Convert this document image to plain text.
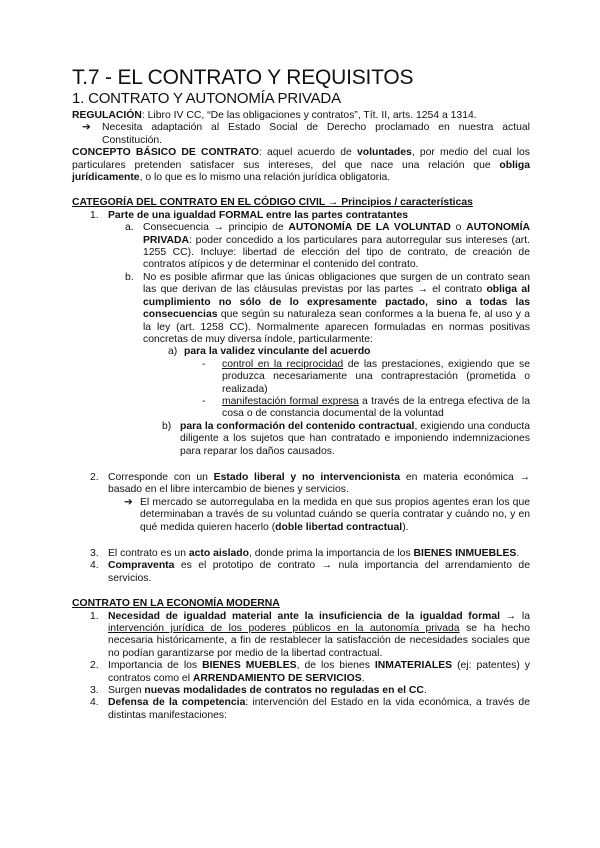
T.7 - EL CONTRATO Y REQUISITOS
1. CONTRATO Y AUTONOMÍA PRIVADA

REGULACIÓN: Libro IV CC, “De las obligaciones y contratos”, Tít. II, arts. 1254 a 1314.

➔	Necesita adaptación al Estado Social de Derecho proclamado en nuestra actual Constitución.

CONCEPTO BÁSICO DE CONTRATO: aquel acuerdo de voluntades, por medio del cual los particulares pretenden satisfacer sus intereses, del que nace una relación que obliga jurídicamente, o lo que es lo mismo una relación jurídica obligatoria.

CATEGORÍA DEL CONTRATO EN EL CÓDIGO CIVIL → Principios / características

1. Parte de una igualdad FORMAL entre las partes contratantes
a. Consecuencia → principio de AUTONOMÍA DE LA VOLUNTAD o AUTONOMÍA PRIVADA: poder concedido a los particulares para autorregular sus intereses (art. 1255 CC). Incluye: libertad de elección del tipo de contrato, de creación de contratos atípicos y de determinar el contenido del contrato.
b. No es posible afirmar que las únicas obligaciones que surgen de un contrato sean las que derivan de las cláusulas previstas por las partes → el contrato obliga al cumplimiento no sólo de lo expresamente pactado, sino a todas las consecuencias que según su naturaleza sean conformes a la buena fe, al uso y a la ley (art. 1258 CC). Normalmente aparecen formuladas en normas positivas concretas de muy diversa índole, particularmente:
a) para la validez vinculante del acuerdo
-	control en la reciprocidad de las prestaciones, exigiendo que se produzca necesariamente una contraprestación (prometida o realizada)
-	manifestación formal expresa a través de la entrega efectiva de la cosa o de constancia documental de la voluntad
b) para la conformación del contenido contractual, exigiendo una conducta diligente a los sujetos que han contratado e imponiendo indemnizaciones para reparar los daños causados.
2. Corresponde con un Estado liberal y no intervencionista en materia económica → basado en el libre intercambio de bienes y servicios.
➔ El mercado se autorregulaba en la medida en que sus propios agentes eran los que determinaban a través de su voluntad cuándo se quería contratar y cuándo no, y en qué medida quieren hacerlo (doble libertad contractual).
3. El contrato es un acto aislado, donde prima la importancia de los BIENES INMUEBLES.
4. Compraventa es el prototipo de contrato → nula importancia del arrendamiento de servicios.

CONTRATO EN LA ECONOMÍA MODERNA

1. Necesidad de igualdad material ante la insuficiencia de la igualdad formal → la intervención jurídica de los poderes públicos en la autonomía privada se ha hecho necesaria históricamente, a fin de restablecer la satisfacción de necesidades sociales que no podían garantizarse por medio de la libertad contractual.
2. Importancia de los BIENES MUEBLES, de los bienes INMATERIALES (ej: patentes) y contratos como el ARRENDAMIENTO DE SERVICIOS.
3. Surgen nuevas modalidades de contratos no reguladas en el CC.
4. Defensa de la competencia: intervención del Estado en la vida económica, a través de distintas manifestaciones:
